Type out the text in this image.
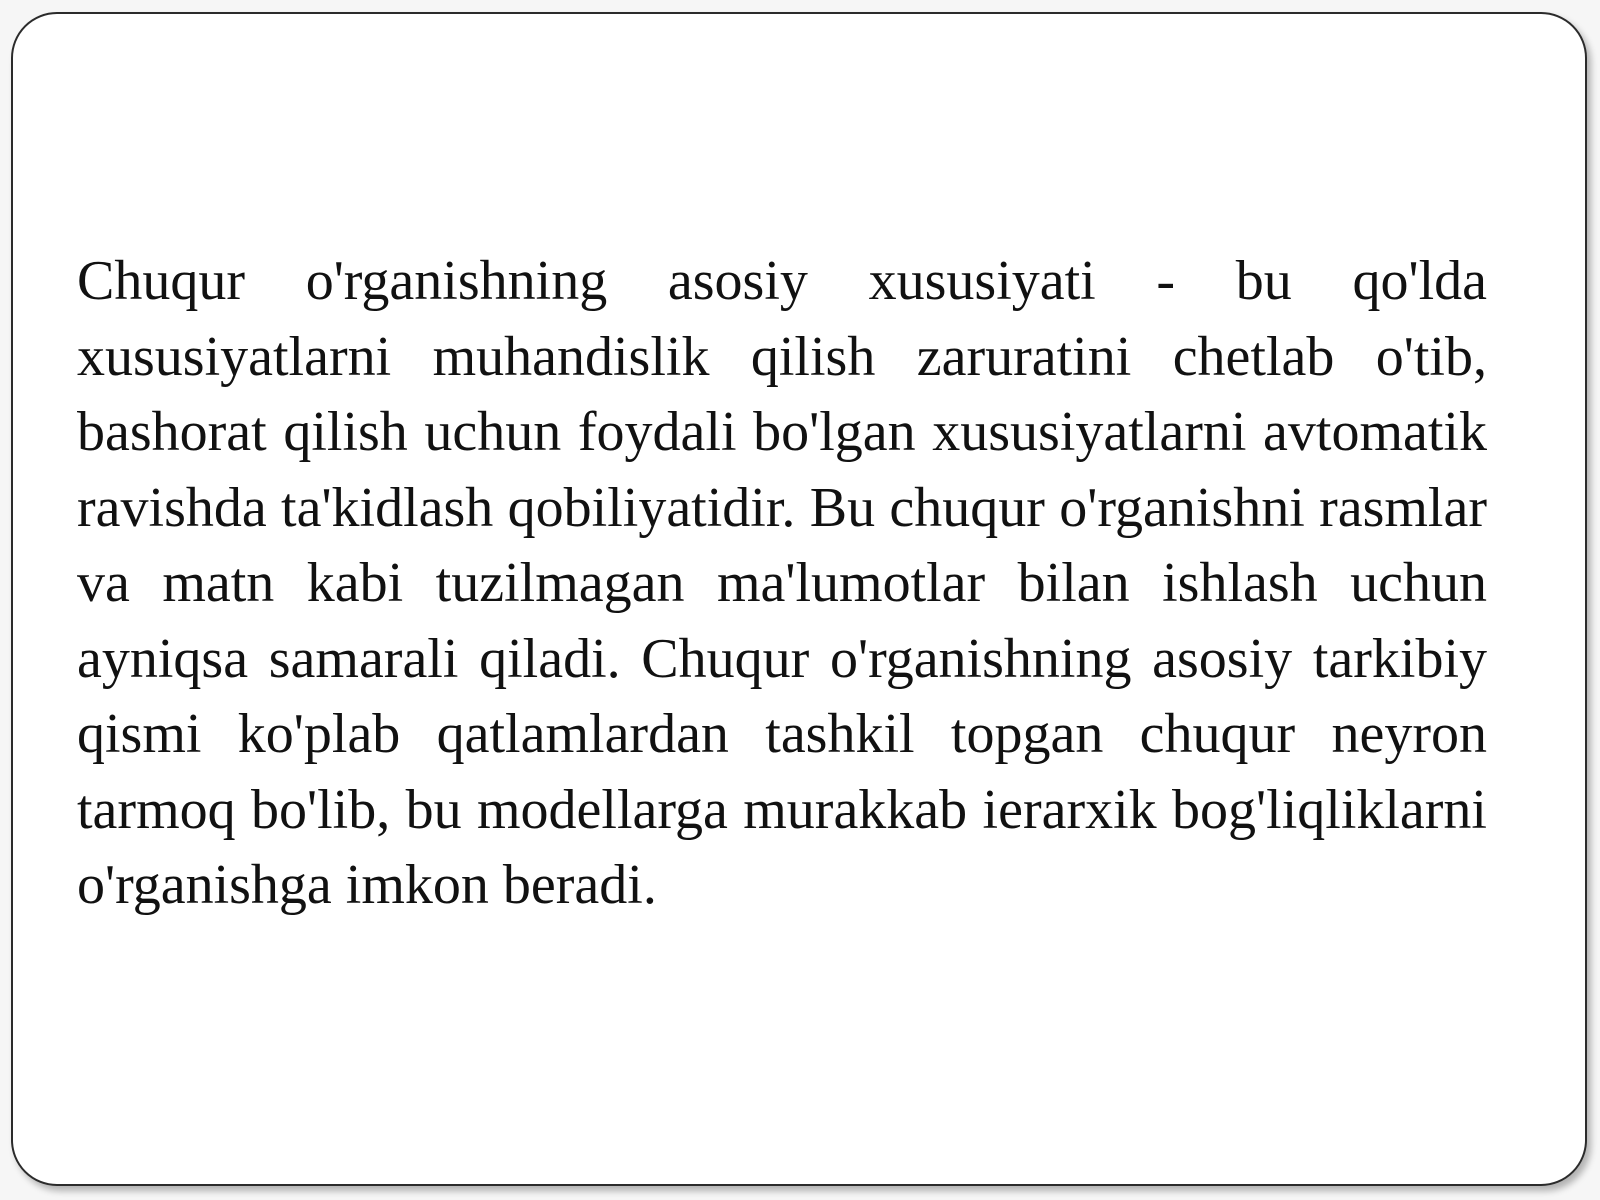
Chuqur o'rganishning asosiy xususiyati - bu qo'lda xususiyatlarni muhandislik qilish zaruratini chetlab o'tib, bashorat qilish uchun foydali bo'lgan xususiyatlarni avtomatik ravishda ta'kidlash qobiliyatidir. Bu chuqur o'rganishni rasmlar va matn kabi tuzilmagan ma'lumotlar bilan ishlash uchun ayniqsa samarali qiladi. Chuqur o'rganishning asosiy tarkibiy qismi ko'plab qatlamlardan tashkil topgan chuqur neyron tarmoq bo'lib, bu modellarga murakkab ierarxik bog'liqliklarni o'rganishga imkon beradi.
